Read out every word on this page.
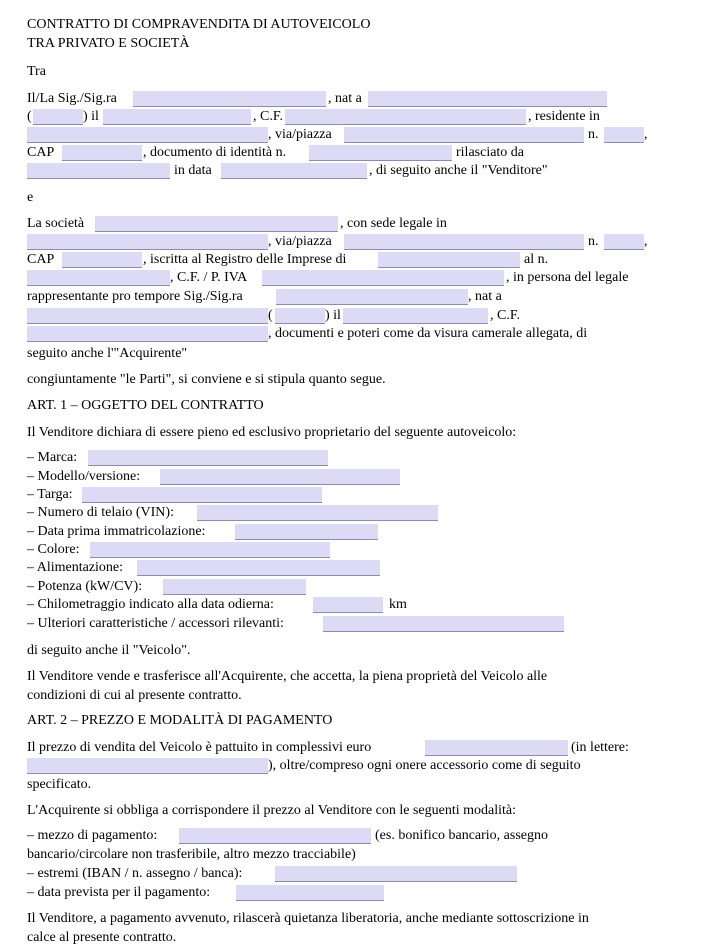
CONTRATTO DI COMPRAVENDITA DI AUTOVEICOLO
TRA PRIVATO E SOCIETÀ
Tra
Il/La Sig./Sig.ra	, nat a
(	) il	, C.F.	, residente in
, via/piazza	n.	,
CAP	, documento di identità n.	rilasciato da
in data	, di seguito anche il "Venditore"
e
La società	, con sede legale in
, via/piazza	n.	,
CAP	, iscritta al Registro delle Imprese di	al n.
, C.F. / P. IVA	, in persona del legale
rappresentante pro tempore Sig./Sig.ra	, nat a
(	) il	, C.F.
, documenti e poteri come da visura camerale allegata, di
seguito anche l'"Acquirente"
congiuntamente "le Parti", si conviene e si stipula quanto segue.
ART. 1 – OGGETTO DEL CONTRATTO
Il Venditore dichiara di essere pieno ed esclusivo proprietario del seguente autoveicolo:
– Marca:
– Modello/versione:
– Targa:
– Numero di telaio (VIN):
– Data prima immatricolazione:
– Colore:
– Alimentazione:
– Potenza (kW/CV):
– Chilometraggio indicato alla data odierna:	km
– Ulteriori caratteristiche / accessori rilevanti:
di seguito anche il "Veicolo".
Il Venditore vende e trasferisce all'Acquirente, che accetta, la piena proprietà del Veicolo alle
condizioni di cui al presente contratto.
ART. 2 – PREZZO E MODALITÀ DI PAGAMENTO
Il prezzo di vendita del Veicolo è pattuito in complessivi euro	(in lettere:
), oltre/compreso ogni onere accessorio come di seguito
specificato.
L'Acquirente si obbliga a corrispondere il prezzo al Venditore con le seguenti modalità:
– mezzo di pagamento:	(es. bonifico bancario, assegno
bancario/circolare non trasferibile, altro mezzo tracciabile)
– estremi (IBAN / n. assegno / banca):
– data prevista per il pagamento:
Il Venditore, a pagamento avvenuto, rilascerà quietanza liberatoria, anche mediante sottoscrizione in
calce al presente contratto.
